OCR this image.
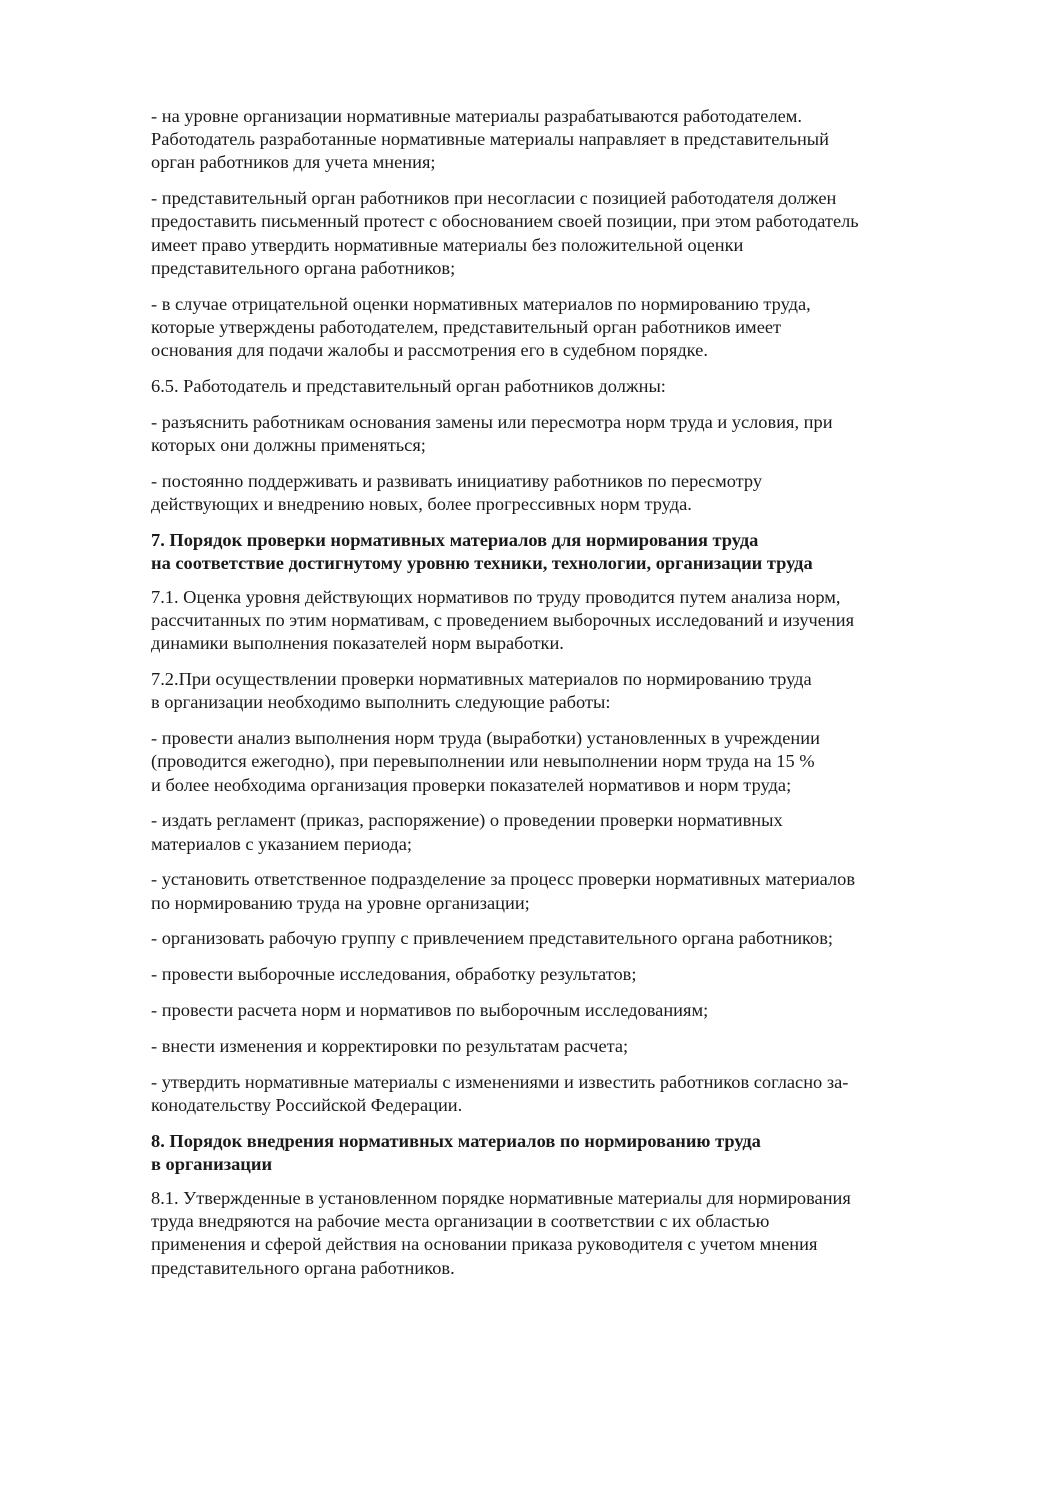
- на уровне организации нормативные материалы разрабатываются работодателем.
Работодатель разработанные нормативные материалы направляет в представительный
орган работников для учета мнения;
- представительный орган работников при несогласии с позицией работодателя должен
предоставить письменный протест с обоснованием своей позиции, при этом работодатель
имеет право утвердить нормативные материалы без положительной оценки
представительного органа работников;
- в случае отрицательной оценки нормативных материалов по нормированию труда,
которые утверждены работодателем, представительный орган работников имеет
основания для подачи жалобы и рассмотрения его в судебном порядке.
6.5. Работодатель и представительный орган работников должны:
- разъяснить работникам основания замены или пересмотра норм труда и условия, при
которых они должны применяться;
- постоянно поддерживать и развивать инициативу работников по пересмотру
действующих и внедрению новых, более прогрессивных норм труда.
7. Порядок проверки нормативных материалов для нормирования труда
на соответствие достигнутому уровню техники, технологии, организации труда
7.1. Оценка уровня действующих нормативов по труду проводится путем анализа норм,
рассчитанных по этим нормативам, с проведением выборочных исследований и изучения
динамики выполнения показателей норм выработки.
7.2.При осуществлении проверки нормативных материалов по нормированию труда
в организации необходимо выполнить следующие работы:
- провести анализ выполнения норм труда (выработки) установленных в учреждении
(проводится ежегодно), при перевыполнении или невыполнении норм труда на 15 %
и более необходима организация проверки показателей нормативов и норм труда;
- издать регламент (приказ, распоряжение) о проведении проверки нормативных
материалов с указанием периода;
- установить ответственное подразделение за процесс проверки нормативных материалов
по нормированию труда на уровне организации;
- организовать рабочую группу с привлечением представительного органа работников;
- провести выборочные исследования, обработку результатов;
- провести расчета норм и нормативов по выборочным исследованиям;
- внести изменения и корректировки по результатам расчета;
- утвердить нормативные материалы с изменениями и известить работников согласно за-
конодательству Российской Федерации.
8. Порядок внедрения нормативных материалов по нормированию труда
в организации
8.1. Утвержденные в установленном порядке нормативные материалы для нормирования
труда внедряются на рабочие места организации в соответствии с их областью
применения и сферой действия на основании приказа руководителя с учетом мнения
представительного органа работников.
